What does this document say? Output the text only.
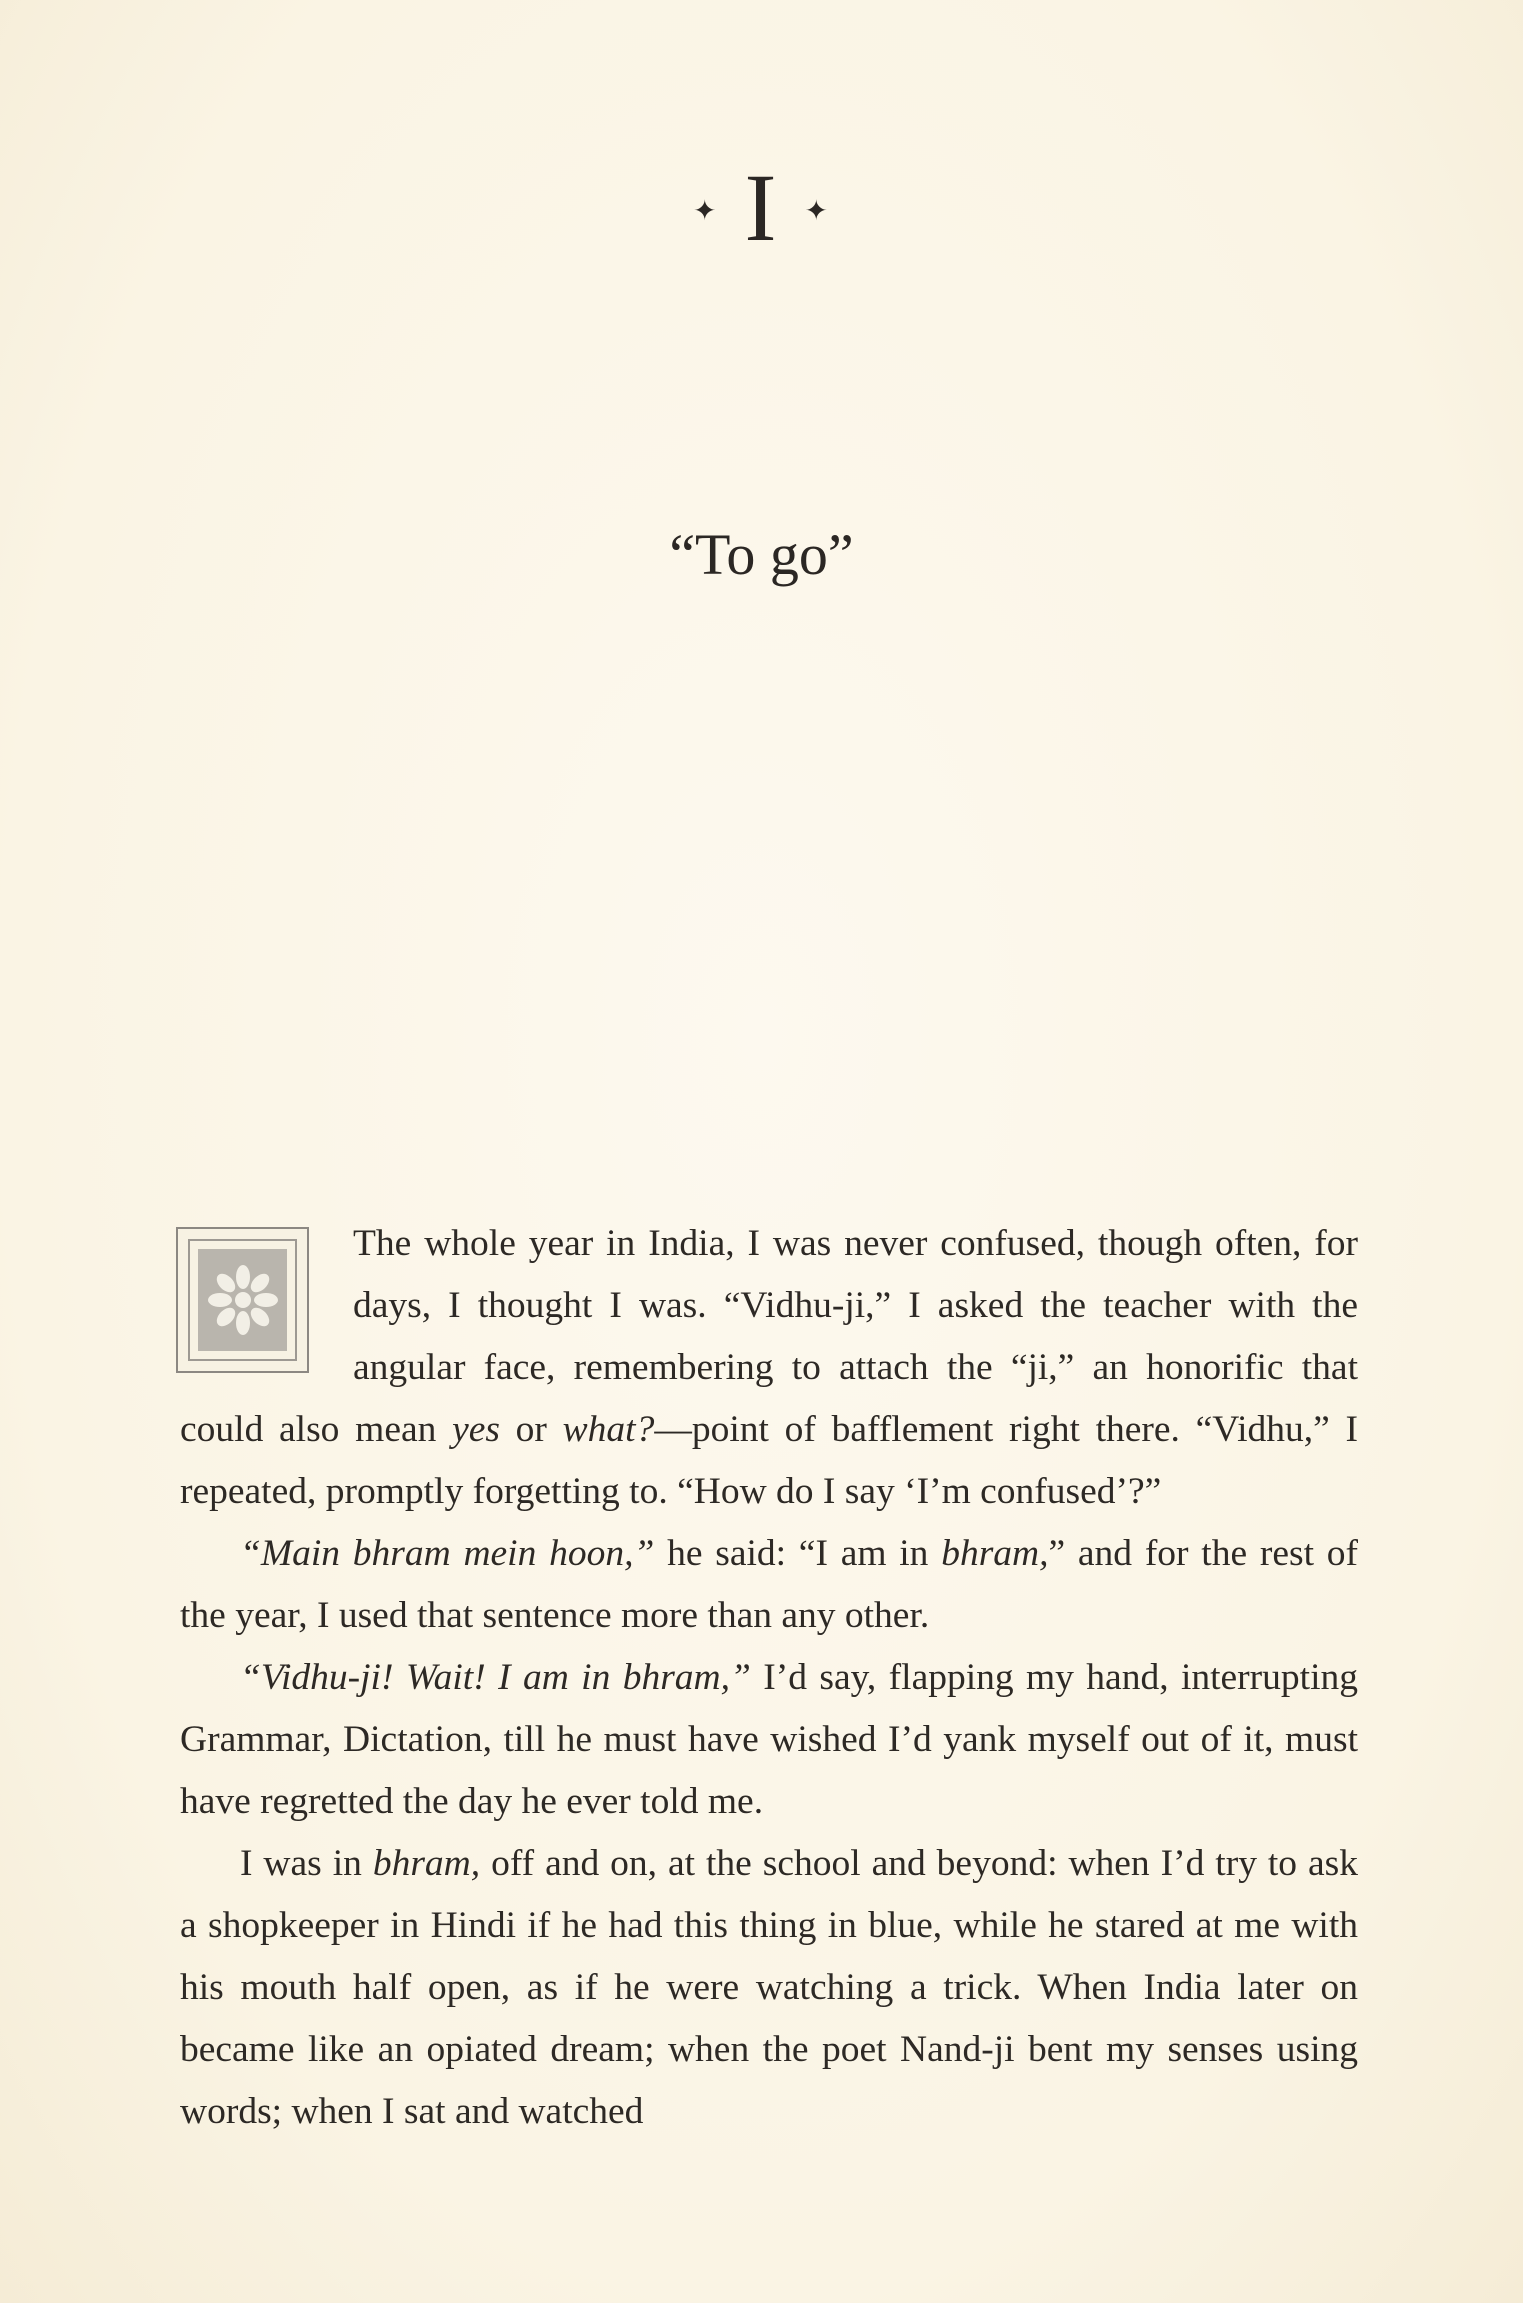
✦ I ✦
“To go”

The whole year in India, I was never confused, though often, for days, I thought I was. “Vidhu-ji,” I asked the teacher with the angular face, remembering to attach the “ji,” an honorific that could also mean yes or what?—point of bafflement right there. “Vidhu,” I repeated, promptly forgetting to. “How do I say ‘I’m confused’?”

“Main bhram mein hoon,” he said: “I am in bhram,” and for the rest of the year, I used that sentence more than any other.

“Vidhu-ji! Wait! I am in bhram,” I’d say, flapping my hand, interrupting Grammar, Dictation, till he must have wished I’d yank myself out of it, must have regretted the day he ever told me.

I was in bhram, off and on, at the school and beyond: when I’d try to ask a shopkeeper in Hindi if he had this thing in blue, while he stared at me with his mouth half open, as if he were watching a trick. When India later on became like an opiated dream; when the poet Nand-ji bent my senses using words; when I sat and watched
